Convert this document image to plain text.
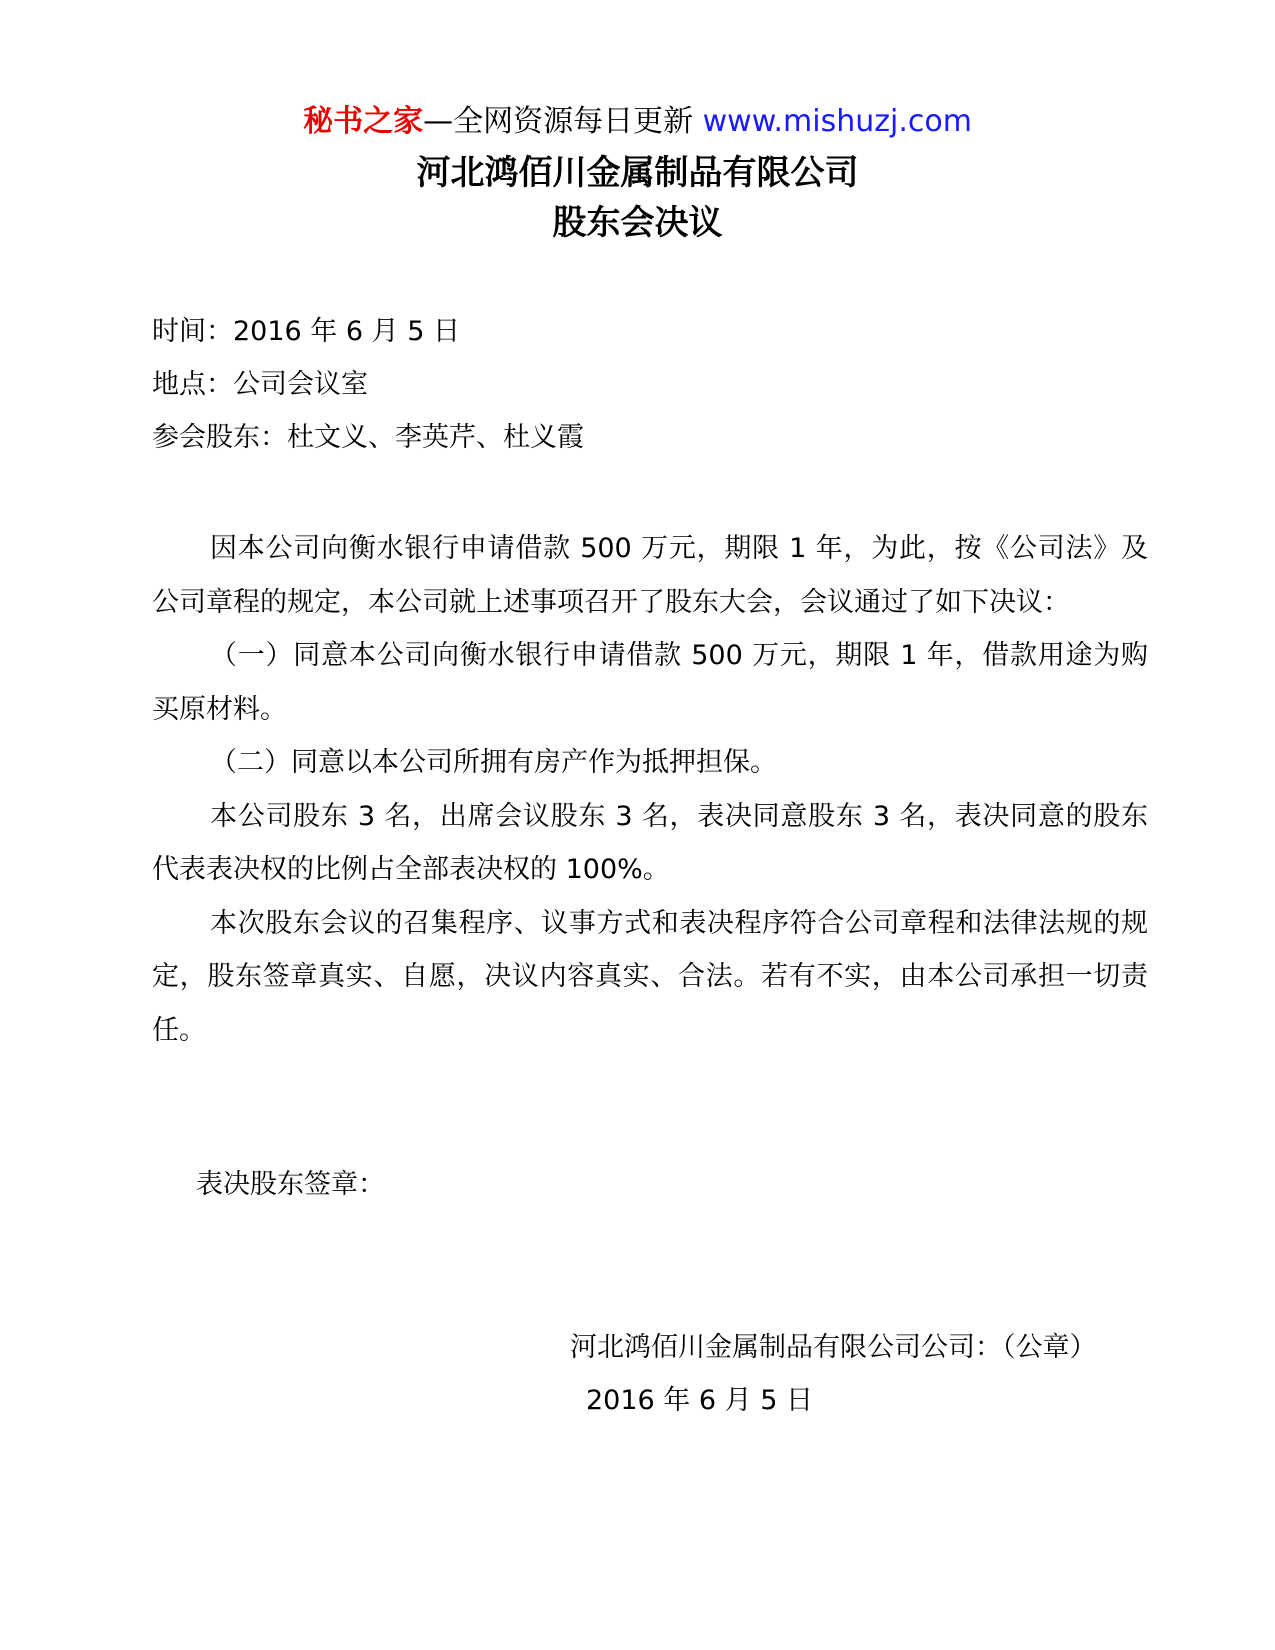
秘书之家—全网资源每日更新 www.mishuzj.com
河北鸿佰川金属制品有限公司
股东会决议
时间：2016 年 6 月 5 日
地点：公司会议室
参会股东：杜文义、李英芹、杜义霞

因本公司向衡水银行申请借款 500 万元，期限 1 年，为此，按《公司法》及公司章程的规定，本公司就上述事项召开了股东大会，会议通过了如下决议：

（一）同意本公司向衡水银行申请借款 500 万元，期限 1 年，借款用途为购买原材料。

（二）同意以本公司所拥有房产作为抵押担保。

本公司股东 3 名，出席会议股东 3 名，表决同意股东 3 名，表决同意的股东代表表决权的比例占全部表决权的 100%。

本次股东会议的召集程序、议事方式和表决程序符合公司章程和法律法规的规定，股东签章真实、自愿，决议内容真实、合法。若有不实，由本公司承担一切责任。

表决股东签章：
河北鸿佰川金属制品有限公司公司：（公章）
2016 年 6 月 5 日
